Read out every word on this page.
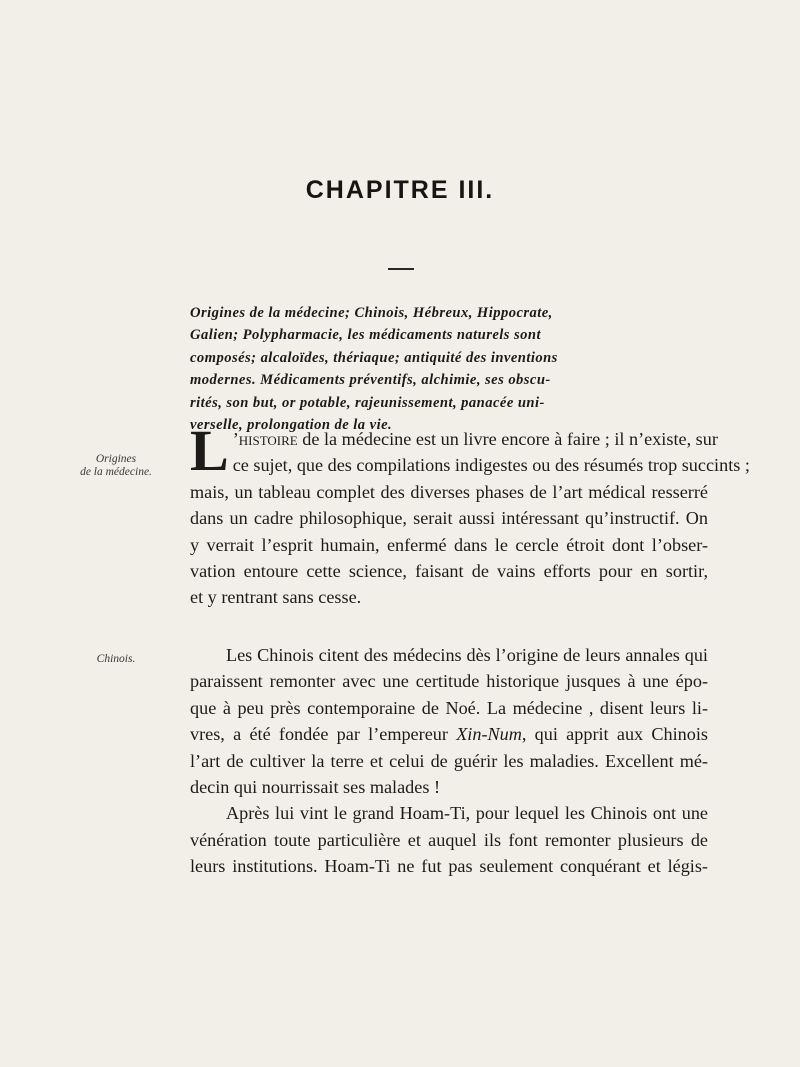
CHAPITRE III.
Origines de la médecine; Chinois, Hébreux, Hippocrate,
Galien; Polypharmacie, les médicaments naturels sont
composés; alcaloïdes, thériaque; antiquité des inventions
modernes. Médicaments préventifs, alchimie, ses obscu-
rités, son but, or potable, rajeunissement, panacée uni-
verselle, prolongation de la vie.
Origines
de la médecine.
Chinois.
L ’histoire de la médecine est un livre encore à faire ; il n’existe, sur
ce sujet, que des compilations indigestes ou des résumés trop succints ;
mais, un tableau complet des diverses phases de l’art médical resserré
dans un cadre philosophique, serait aussi intéressant qu’instructif. On
y verrait l’esprit humain, enfermé dans le cercle étroit dont l’obser-
vation entoure cette science, faisant de vains efforts pour en sortir,
et y rentrant sans cesse.
Les Chinois citent des médecins dès l’origine de leurs annales qui
paraissent remonter avec une certitude historique jusques à une épo-
que à peu près contemporaine de Noé. La médecine , disent leurs li-
vres, a été fondée par l’empereur Xin-Num, qui apprit aux Chinois
l’art de cultiver la terre et celui de guérir les maladies. Excellent mé-
decin qui nourrissait ses malades !
Après lui vint le grand Hoam-Ti, pour lequel les Chinois ont une
vénération toute particulière et auquel ils font remonter plusieurs de
leurs institutions. Hoam-Ti ne fut pas seulement conquérant et légis-
